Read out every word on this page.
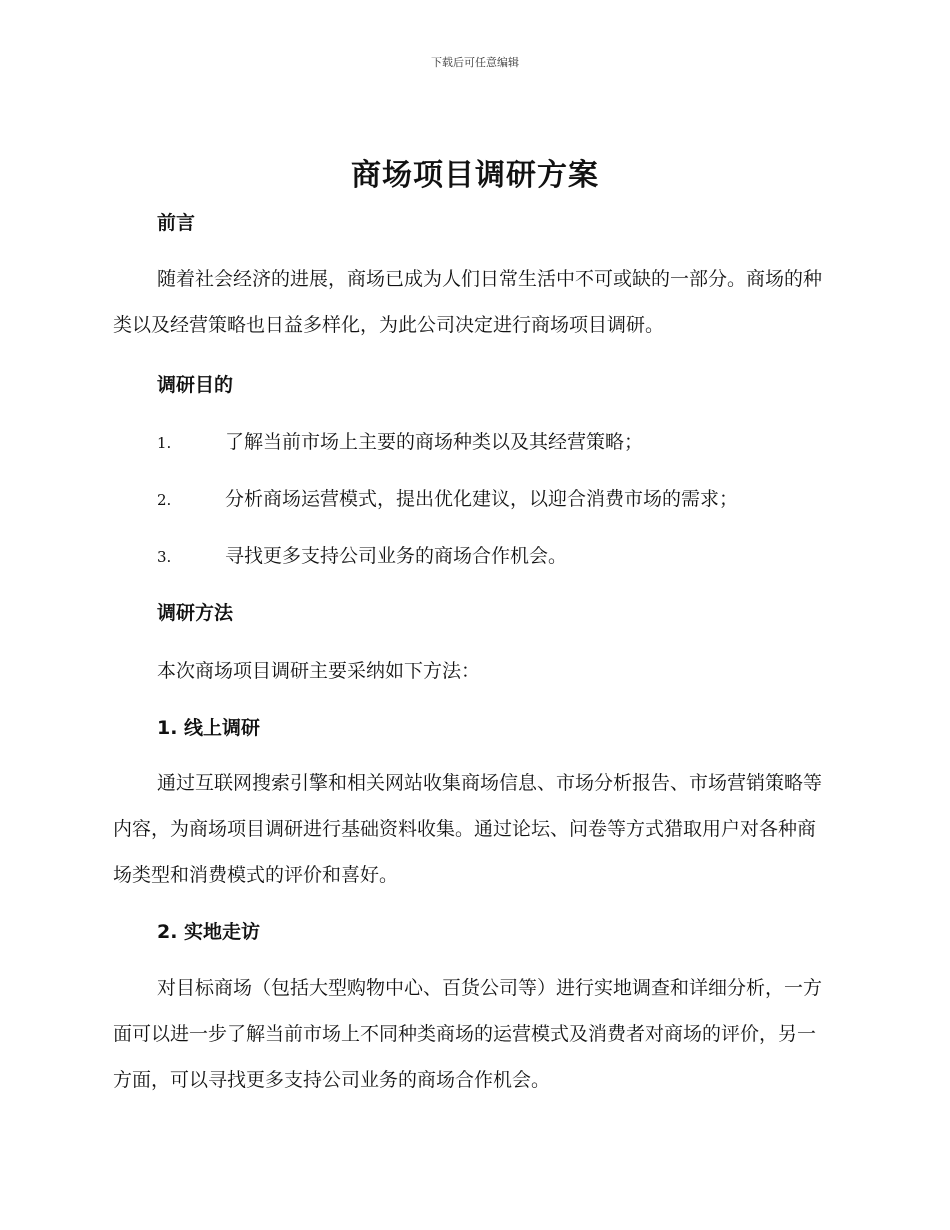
下载后可任意编辑
商场项目调研方案
前言
随着社会经济的进展，商场已成为人们日常生活中不可或缺的一部分。商场的种类以及经营策略也日益多样化，为此公司决定进行商场项目调研。
调研目的
1.	了解当前市场上主要的商场种类以及其经营策略；
2.	分析商场运营模式，提出优化建议，以迎合消费市场的需求；
3.	寻找更多支持公司业务的商场合作机会。
调研方法
本次商场项目调研主要采纳如下方法：
1. 线上调研
通过互联网搜索引擎和相关网站收集商场信息、市场分析报告、市场营销策略等内容，为商场项目调研进行基础资料收集。通过论坛、问卷等方式猎取用户对各种商场类型和消费模式的评价和喜好。
2. 实地走访
对目标商场（包括大型购物中心、百货公司等）进行实地调查和详细分析，一方面可以进一步了解当前市场上不同种类商场的运营模式及消费者对商场的评价，另一方面，可以寻找更多支持公司业务的商场合作机会。
